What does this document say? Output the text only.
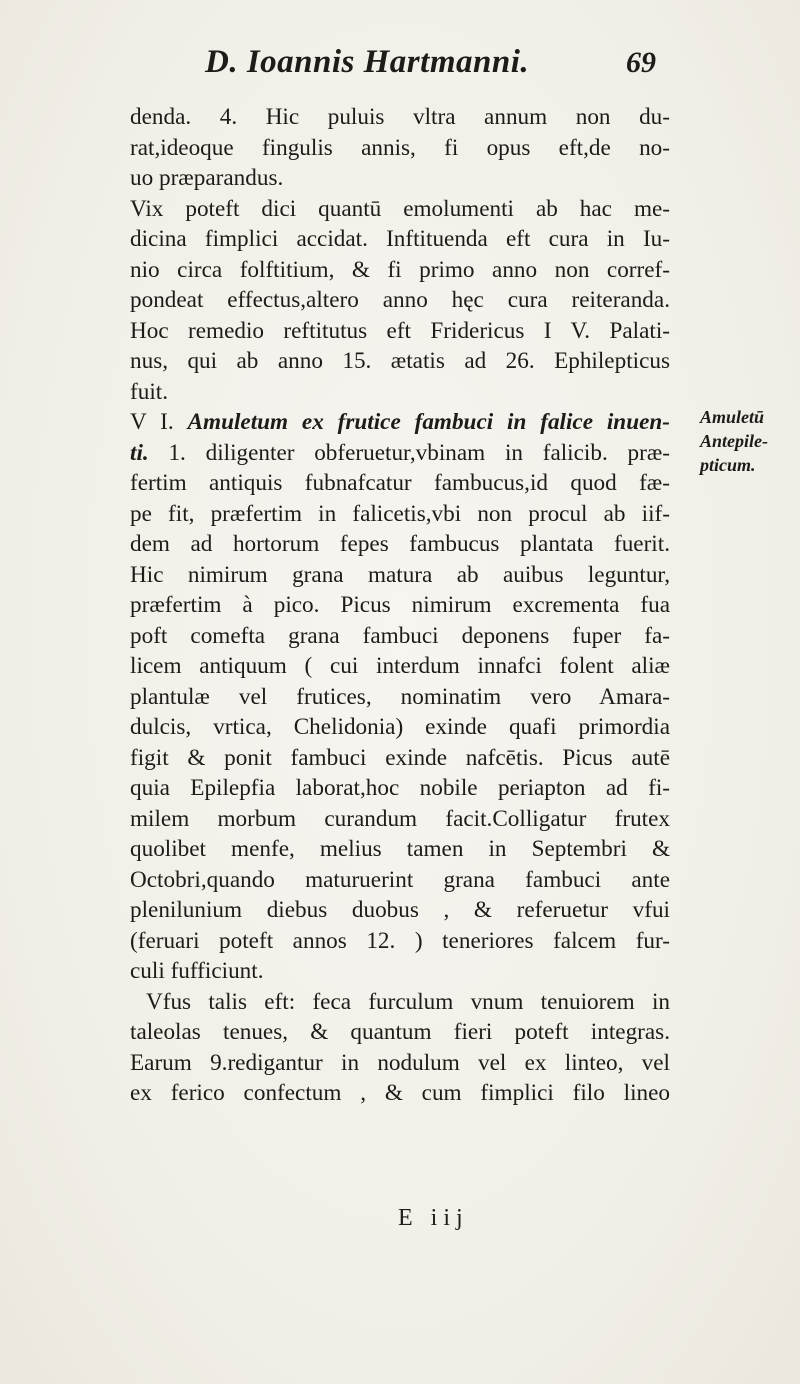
D. Ioannis Hartmanni.	69
denda. 4. Hic puluis vltra annum non du-
rat,ideoque fingulis annis, fi opus eft,de no-
uo præparandus.
Vix poteft dici quantū emolumenti ab hac me-
dicina fimplici accidat. Inftituenda eft cura in Iu-
nio circa folftitium, & fi primo anno non corref-
pondeat effectus,altero anno hęc cura reiteranda.
Hoc remedio reftitutus eft Fridericus I V. Palati-
nus, qui ab anno 15. ætatis ad 26. Ephilepticus
fuit.
V I. Amuletum ex frutice fambuci in falice inuen-
ti. 1. diligenter obferuetur,vbinam in falicib. præ-
fertim antiquis fubnafcatur fambucus,id quod fæ-
pe fit, præfertim in falicetis,vbi non procul ab iif-
dem ad hortorum fepes fambucus plantata fuerit.
Hic nimirum grana matura ab auibus leguntur,
præfertim à pico. Picus nimirum excrementa fua
poft comefta grana fambuci deponens fuper fa-
licem antiquum ( cui interdum innafci folent aliæ
plantulæ vel frutices, nominatim vero Amara-
dulcis, vrtica, Chelidonia) exinde quafi primordia
figit & ponit fambuci exinde nafcētis. Picus autē
quia Epilepfia laborat,hoc nobile periapton ad fi-
milem morbum curandum facit.Colligatur frutex
quolibet menfe, melius tamen in Septembri &
Octobri,quando maturuerint grana fambuci ante
plenilunium diebus duobus , & referuetur vfui
(feruari poteft annos 12. ) teneriores falcem fur-
culi fufficiunt.
Vfus talis eft: feca furculum vnum tenuiorem in
taleolas tenues, & quantum fieri poteft integras.
Earum 9.redigantur in nodulum vel ex linteo, vel
ex ferico confectum , & cum fimplici filo lineo
Amuletū
Antepile-
pticum.
E iij
